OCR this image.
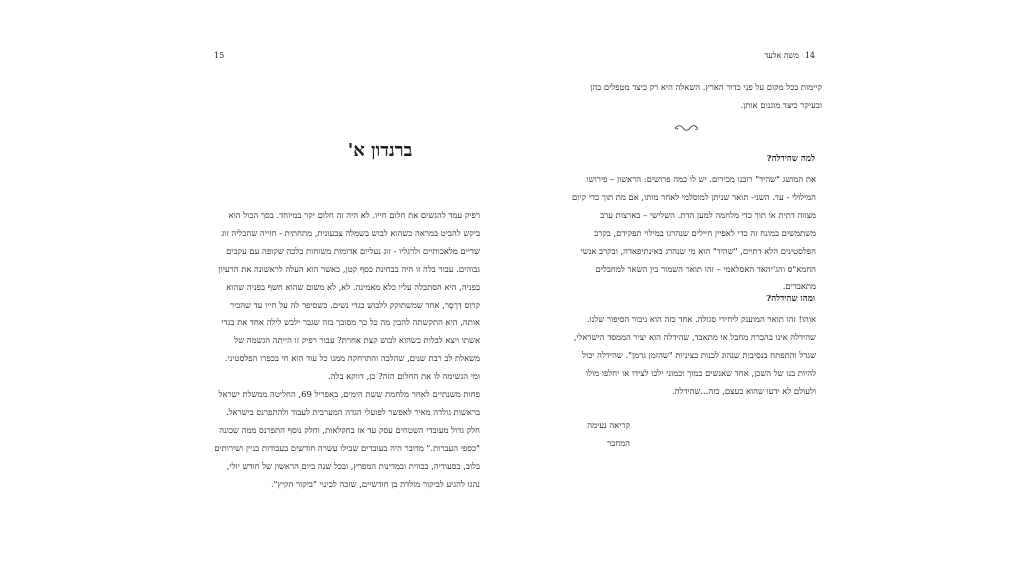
15
ברנדון א'

רפיק עמד להגשים את חלום חייו. לא היה זה חלום יקר במיוחד. בסך הכול הוא ביקש להביט במראה כשהוא לבוש בשמלה צבעונית, מתחתית - חזייה שחבליה זוג שדיים מלאכותיים ולרגליו - זוג נעליים אדומות משוחות בלכה שקופה עם עקבים גבוהים. עבור בלה זו היה בבחינת כסף קטן, כאשר הוא העלה לראשונה את הרעיון בפניה, היא הסתכלה עליו כלא מאמינה. לא, לא משום שהוא חשף בפניה שהוא קרוס דְרֶסֶר, אחד שמשתוקק ללבוש בגדי נשים. כשסיפר לה על חייו עד שהכיר אותה, היא התקשתה להבין מה כל כך מסובך בזה שגבר ילבש לילה אחד את בגדי אשתו ויצא לבלות כשהוא לבוש קצת אחרת? עבור רפיק זו הייתה הגשמה של משאלת לב רבת שנים, שהלכה והתרחקה ממנו כל עוד הוא חי בכפרו הפלסטיני. ומי הגשימה לו את החלום הזה? כן, דווקא בלה.

פחות משנתיים לאחר מלחמת ששת הימים, באפריל 69, החליטה ממשלת ישראל בראשות גולדה מאיר לאפשר לפועלי הגדה המערבית לעבוד ולהתפרנס בישראל. חלק גדול מעובדי השטחים עסק עד אז בחקלאות, וחלק נוסף התפרנס ממה שכונה "כספי העברות." מדובר היה בעובדים שבילו עשרה חודשים בעבודות בניין ושירותים בלוב, בסעודיה, בכווית ובמדינות המפרץ, ובכל שנה ביום הראשון של חודש יולי, נהגו להגיע לביקור מולדת בן חודשיים, שזכה לכינוי "ביקור הקיץ".

14משה אלעד
קיימות בכל מקום על פני כדור הארץ. השאלה היא רק כיצד מטפלים בהן ובעיקר כיצד מוגנים אותן.
למה שהידלה?
את המושג "שהיד" רובנו מכירים. יש לו כמה פרושים: הראשון – פירושו המילולי - עד. השני- תואר שניתן למוסלמי לאחר מותו, אם מת תוך כדי קיום מצווה דתית או תוך כדי מלחמה למען הדת. השלישי – בארצות ערב משתמשים במונח זה כדי לאפיין חיילים שנהרגו במילוי תפקידם, בקרב הפלסטינים הלא דתיים, "שהיד" הוא מי שנהרג באינתיפאדה, ובקרב אנשי החמא"ס והג'יהאד האסלאמי – זהו תואר השמור בין השאר למחבלים מתאבדים.
ומהו שהידלה?
אוהו! זהו תואר המוענק ליחידי סגולה. אחד כזה הוא גיבור הסיפור שלנו. שהידלה אינו בהכרח מחבל או מתאבד, שהידלה הוא יציר הממסד הישראלי, שגדל והתפתח בנסיבות שנהוג לכנות בציניות "שהזמן גרמן". שהידלה יכול להיות בנו של השכן, אחד שאנשים כמוך וכמוני ילכו לצידו או יחלפו מולו ולעולם לא ידעו שהוא בעצם, כזה...שהידלה.
קריאה נעימה
המחבר
